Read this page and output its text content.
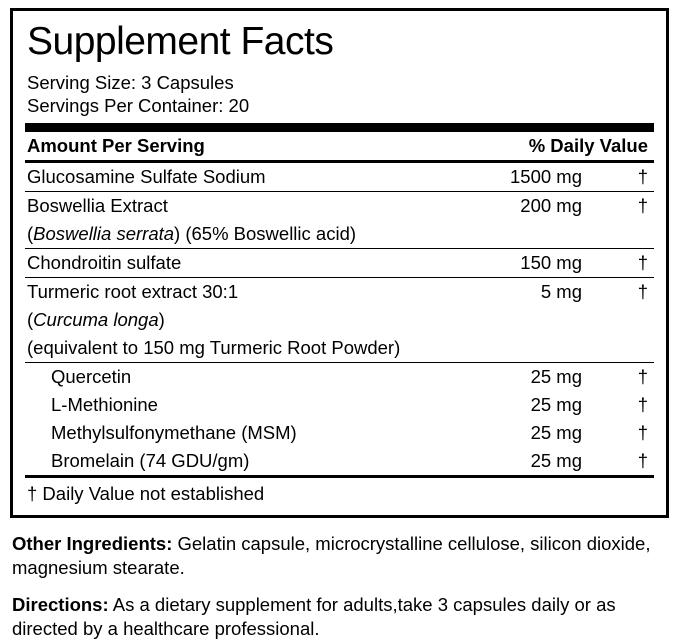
Supplement Facts
Serving Size: 3 Capsules
Servings Per Container: 20
Amount Per Serving		% Daily Value
Glucosamine Sulfate Sodium	1500 mg	†

Boswellia Extract	200 mg	†
(Boswellia serrata) (65% Boswellic acid)		

Chondroitin sulfate	150 mg	†

Turmeric root extract 30:1	5 mg	†
(Curcuma longa)		
(equivalent to 150 mg Turmeric Root Powder)		

Quercetin	25 mg	†
L-Methionine	25 mg	†
Methylsulfonymethane (MSM)	25 mg	†
Bromelain (74 GDU/gm)	25 mg	†
† Daily Value not established

Other Ingredients: Gelatin capsule, microcrystalline cellulose, silicon dioxide, magnesium stearate.

Directions: As a dietary supplement for adults,take 3 capsules daily or as directed by a healthcare professional.
